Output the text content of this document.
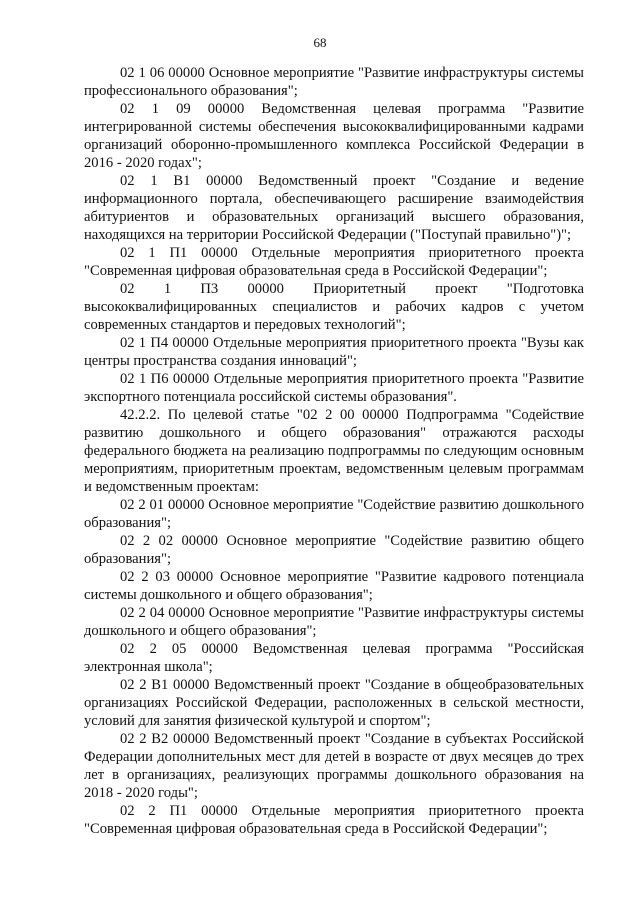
68

02 1 06 00000 Основное мероприятие "Развитие инфраструктуры системы профессионального образования";

02 1 09 00000 Ведомственная целевая программа "Развитие интегрированной системы обеспечения высококвалифицированными кадрами организаций оборонно-промышленного комплекса Российской Федерации в 2016 - 2020 годах";

02 1 В1 00000 Ведомственный проект "Создание и ведение информационного портала, обеспечивающего расширение взаимодействия абитуриентов и образовательных организаций высшего образования, находящихся на территории Российской Федерации ("Поступай правильно")";

02 1 П1 00000 Отдельные мероприятия приоритетного проекта "Современная цифровая образовательная среда в Российской Федерации";

02 1 П3 00000 Приоритетный проект "Подготовка высококвалифицированных специалистов и рабочих кадров с учетом современных стандартов и передовых технологий";

02 1 П4 00000 Отдельные мероприятия приоритетного проекта "Вузы как центры пространства создания инноваций";

02 1 П6 00000 Отдельные мероприятия приоритетного проекта "Развитие экспортного потенциала российской системы образования".

42.2.2. По целевой статье "02 2 00 00000 Подпрограмма "Содействие развитию дошкольного и общего образования" отражаются расходы федерального бюджета на реализацию подпрограммы по следующим основным мероприятиям, приоритетным проектам, ведомственным целевым программам и ведомственным проектам:

02 2 01 00000 Основное мероприятие "Содействие развитию дошкольного образования";

02 2 02 00000 Основное мероприятие "Содействие развитию общего образования";

02 2 03 00000 Основное мероприятие "Развитие кадрового потенциала системы дошкольного и общего образования";

02 2 04 00000 Основное мероприятие "Развитие инфраструктуры системы дошкольного и общего образования";

02 2 05 00000 Ведомственная целевая программа "Российская электронная школа";

02 2 В1 00000 Ведомственный проект "Создание в общеобразовательных организациях Российской Федерации, расположенных в сельской местности, условий для занятия физической культурой и спортом";

02 2 В2 00000 Ведомственный проект "Создание в субъектах Российской Федерации дополнительных мест для детей в возрасте от двух месяцев до трех лет в организациях, реализующих программы дошкольного образования на 2018 - 2020 годы";

02 2 П1 00000 Отдельные мероприятия приоритетного проекта "Современная цифровая образовательная среда в Российской Федерации";
